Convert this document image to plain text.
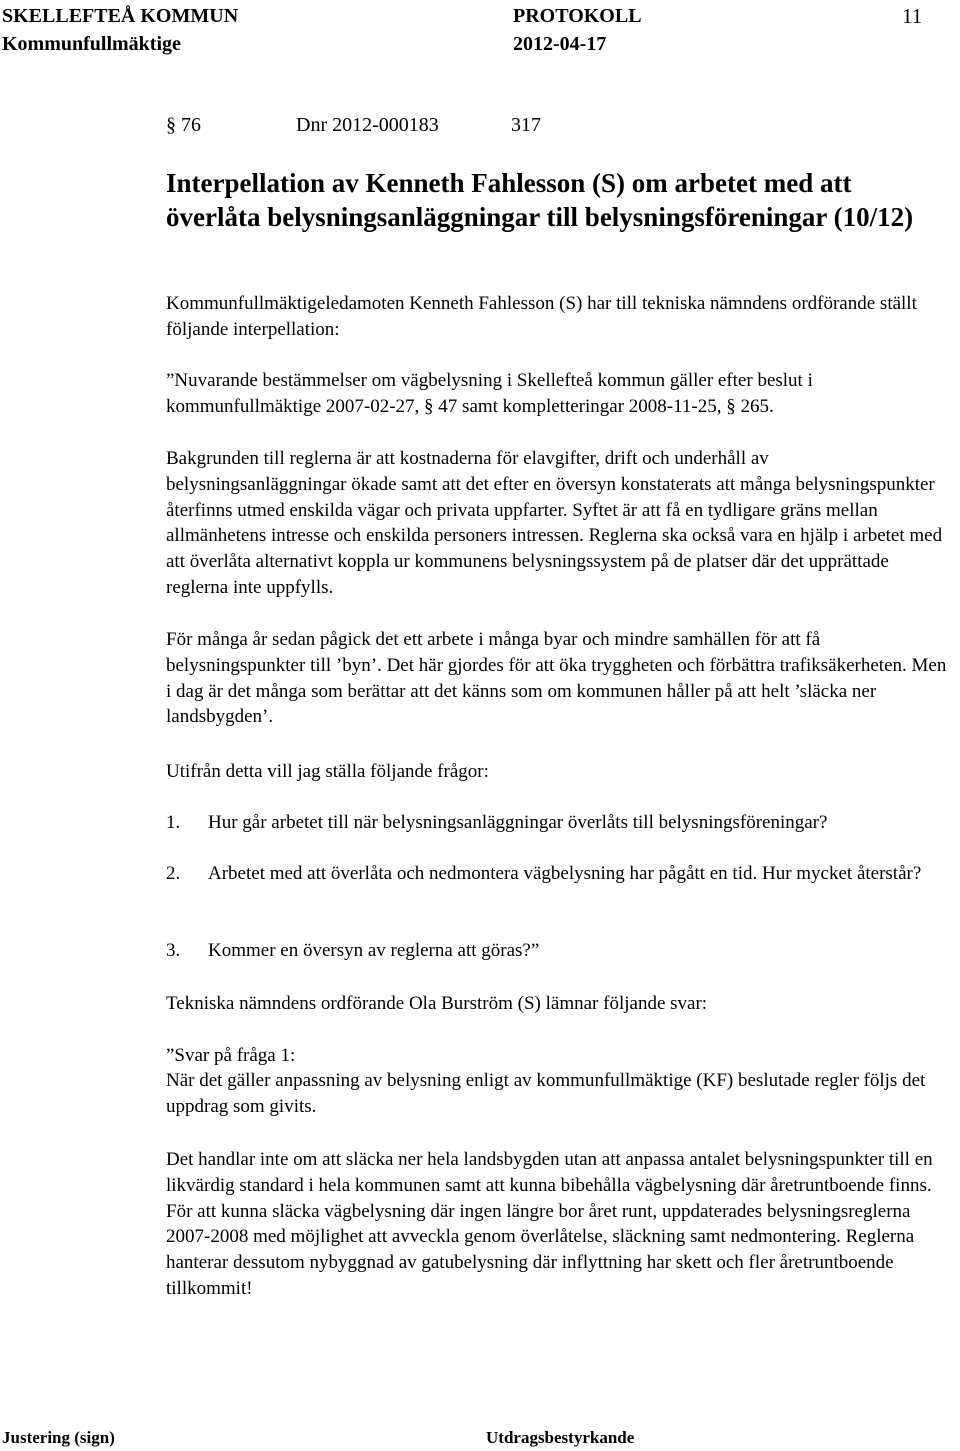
SKELLEFTEÅ KOMMUN	PROTOKOLL	11
Kommunfullmäktige	2012-04-17
§ 76	Dnr 2012-000183	317
Interpellation av Kenneth Fahlesson (S) om arbetet med att överlåta belysningsanläggningar till belysningsföreningar (10/12)

Kommunfullmäktigeledamoten Kenneth Fahlesson (S) har till tekniska nämndens ordförande ställt följande interpellation:

”Nuvarande bestämmelser om vägbelysning i Skellefteå kommun gäller efter beslut i kommunfullmäktige 2007-02-27, § 47 samt kompletteringar 2008-11-25, § 265.

Bakgrunden till reglerna är att kostnaderna för elavgifter, drift och underhåll av belysningsanläggningar ökade samt att det efter en översyn konstaterats att många belysningspunkter återfinns utmed enskilda vägar och privata uppfarter. Syftet är att få en tydligare gräns mellan allmänhetens intresse och enskilda personers intressen. Reglerna ska också vara en hjälp i arbetet med att överlåta alternativt koppla ur kommunens belysningssystem på de platser där det upprättade reglerna inte uppfylls.

För många år sedan pågick det ett arbete i många byar och mindre samhällen för att få belysningspunkter till ’byn’. Det här gjordes för att öka tryggheten och förbättra trafiksäkerheten. Men i dag är det många som berättar att det känns som om kommunen håller på att helt ’släcka ner landsbygden’.

Utifrån detta vill jag ställa följande frågor:

1.	Hur går arbetet till när belysningsanläggningar överlåts till belysningsföreningar?
2.	Arbetet med att överlåta och nedmontera vägbelysning har pågått en tid. Hur mycket återstår?
3.	Kommer en översyn av reglerna att göras?”

Tekniska nämndens ordförande Ola Burström (S) lämnar följande svar:

”Svar på fråga 1:

När det gäller anpassning av belysning enligt av kommunfullmäktige (KF) beslutade regler följs det uppdrag som givits.

Det handlar inte om att släcka ner hela landsbygden utan att anpassa antalet belysningspunkter till en likvärdig standard i hela kommunen samt att kunna bibehålla vägbelysning där åretruntboende finns. För att kunna släcka vägbelysning där ingen längre bor året runt, uppdaterades belysningsreglerna 2007-2008 med möjlighet att avveckla genom överlåtelse, släckning samt nedmontering. Reglerna hanterar dessutom nybyggnad av gatubelysning där inflyttning har skett och fler åretruntboende tillkommit!

Justering (sign)	Utdragsbestyrkande
